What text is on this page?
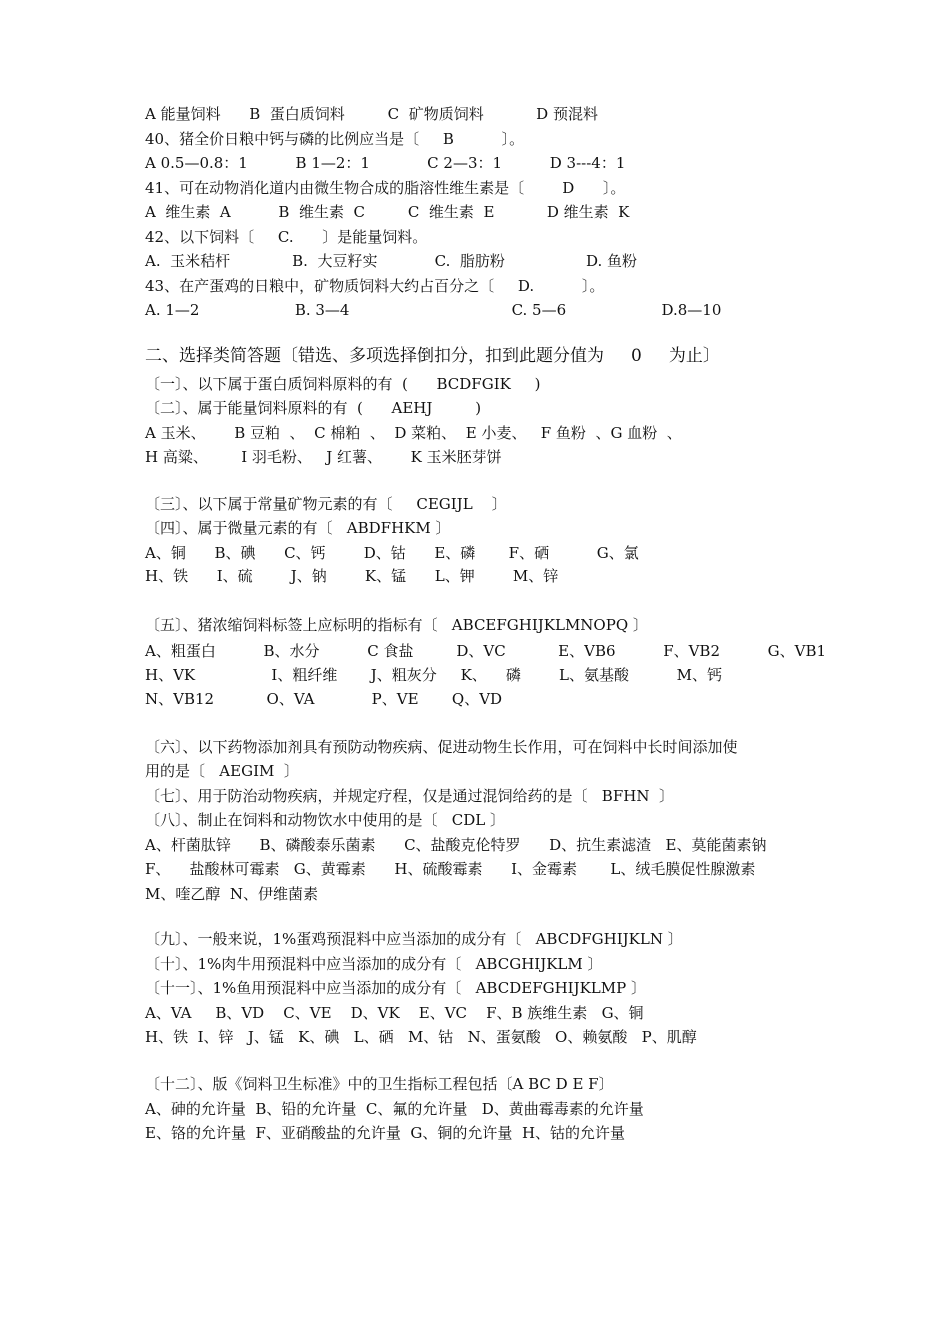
A 能量饲料      B  蛋白质饲料         C  矿物质饲料           D 预混料
40、猪全价日粮中钙与磷的比例应当是〔     B          〕。
A 0.5—0.8：1          B 1—2：1            C 2—3：1          D 3---4：1
41、可在动物消化道内由微生物合成的脂溶性维生素是〔        D      〕。
A  维生素  A          B  维生素  C         C  维生素  E           D 维生素  K
42、以下饲料〔     C.      〕是能量饲料。
A.  玉米秸杆             B.  大豆籽实            C.  脂肪粉                 D. 鱼粉
43、在产蛋鸡的日粮中，矿物质饲料大约占百分之〔     D.          〕。
A. 1—2                    B. 3—4                                  C. 5—6                    D.8—10
二、选择类简答题〔错选、多项选择倒扣分，扣到此题分值为     0     为止〕
〔一〕、以下属于蛋白质饲料原料的有  (      BCDFGIK     )
〔二〕、属于能量饲料原料的有  (      AEHJ         )
A 玉米、      B 豆粕  、  C 棉粕  、  D 菜粕、  E 小麦、   F 鱼粉  、G 血粉  、
H 高粱、       I 羽毛粉、   J 红薯、      K 玉米胚芽饼
〔三〕、以下属于常量矿物元素的有〔     CEGIJL    〕
〔四〕、属于微量元素的有〔   ABDFHKM 〕
A、铜      B、碘      C、钙        D、钴      E、磷       F、硒          G、氯
H、铁      I、硫        J、钠        K、锰      L、钾        M、锌
〔五〕、猪浓缩饲料标签上应标明的指标有〔   ABCEFGHIJKLMNOPQ 〕
A、粗蛋白          B、水分          C 食盐         D、VC           E、VB6          F、VB2          G、VB1
H、VK                I、粗纤维       J、粗灰分     K、    磷        L、氨基酸          M、钙
N、VB12           O、VA            P、VE       Q、VD
〔六〕、以下药物添加剂具有预防动物疾病、促进动物生长作用，可在饲料中长时间添加使
用的是〔   AEGIM  〕
〔七〕、用于防治动物疾病，并规定疗程，仅是通过混饲给药的是〔   BFHN  〕
〔八〕、制止在饲料和动物饮水中使用的是〔   CDL 〕
A、杆菌肽锌      B、磷酸泰乐菌素      C、盐酸克伦特罗      D、抗生素滤渣   E、莫能菌素钠
F、    盐酸林可霉素   G、黄霉素      H、硫酸霉素      I、金霉素       L、绒毛膜促性腺激素
M、喹乙醇  N、伊维菌素
〔九〕、一般来说，1%蛋鸡预混料中应当添加的成分有〔   ABCDFGHIJKLN 〕
〔十〕、1%肉牛用预混料中应当添加的成分有〔   ABCGHIJKLM 〕
〔十一〕、1%鱼用预混料中应当添加的成分有〔   ABCDEFGHIJKLMP 〕
A、VA     B、VD    C、VE    D、VK    E、VC    F、B 族维生素   G、铜
H、铁  I、锌   J、锰   K、碘   L、硒   M、钴   N、蛋氨酸   O、赖氨酸   P、肌醇
〔十二〕、版《饲料卫生标准》中的卫生指标工程包括〔A BC D E F〕
A、砷的允许量  B、铅的允许量  C、氟的允许量   D、黄曲霉毒素的允许量
E、铬的允许量  F、亚硝酸盐的允许量  G、铜的允许量  H、钴的允许量
